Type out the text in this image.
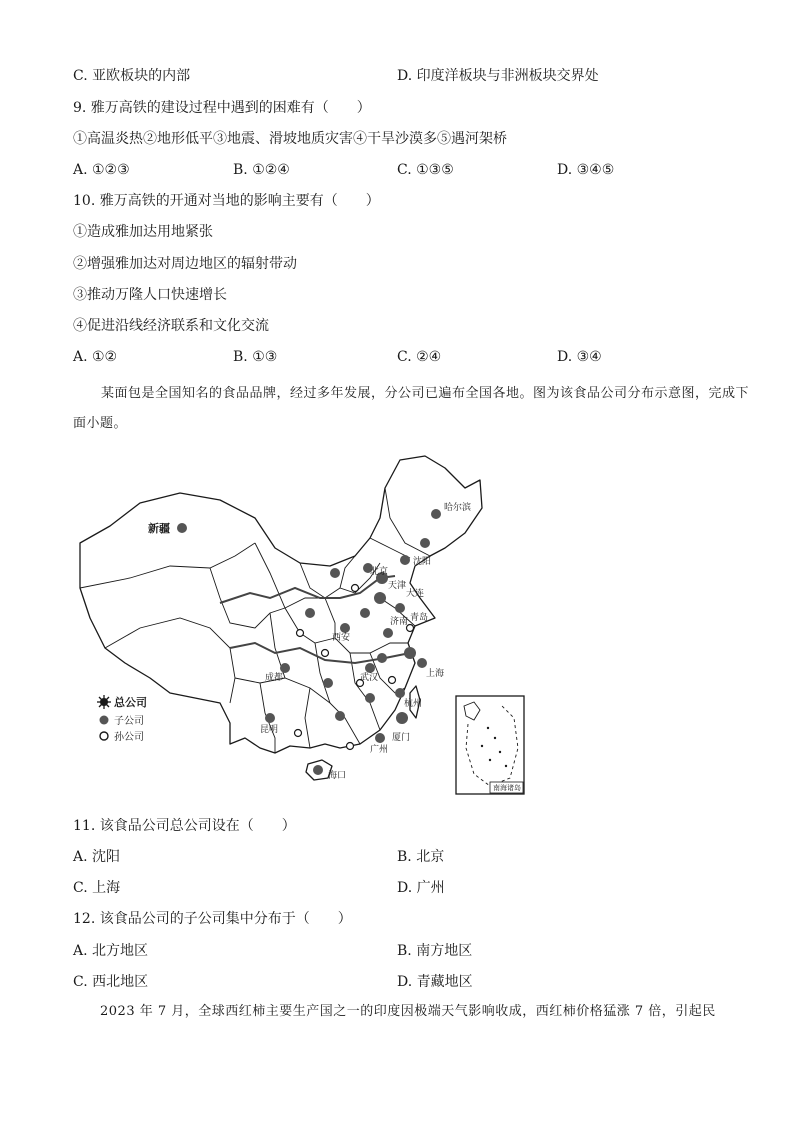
C. 亚欧板块的内部	D. 印度洋板块与非洲板块交界处
9. 雅万高铁的建设过程中遇到的困难有（　　）
①高温炎热②地形低平③地震、滑坡地质灾害④干旱沙漠多⑤遇河架桥
A. ①②③	B. ①②④	C. ①③⑤	D. ③④⑤
10. 雅万高铁的开通对当地的影响主要有（　　）
①造成雅加达用地紧张
②增强雅加达对周边地区的辐射带动
③推动万隆人口快速增长
④促进沿线经济联系和文化交流
A. ①②	B. ①③	C. ②④	D. ③④
某面包是全国知名的食品品牌，经过多年发展，分公司已遍布全国各地。图为该食品公司分布示意图，完成下面小题。
新疆
哈尔滨
沈阳
大连
北京
天津
济南 青岛
西安
成都	武汉	上海
杭州
广州
厦门
昆明
海口
总公司
子公司
孙公司
南海诸岛
11. 该食品公司总公司设在（　　）
A. 沈阳	B. 北京
C. 上海	D. 广州
12. 该食品公司的子公司集中分布于（　　）
A. 北方地区	B. 南方地区
C. 西北地区	D. 青藏地区
2023 年 7 月，全球西红柿主要生产国之一的印度因极端天气影响收成，西红柿价格猛涨 7 倍，引起民
